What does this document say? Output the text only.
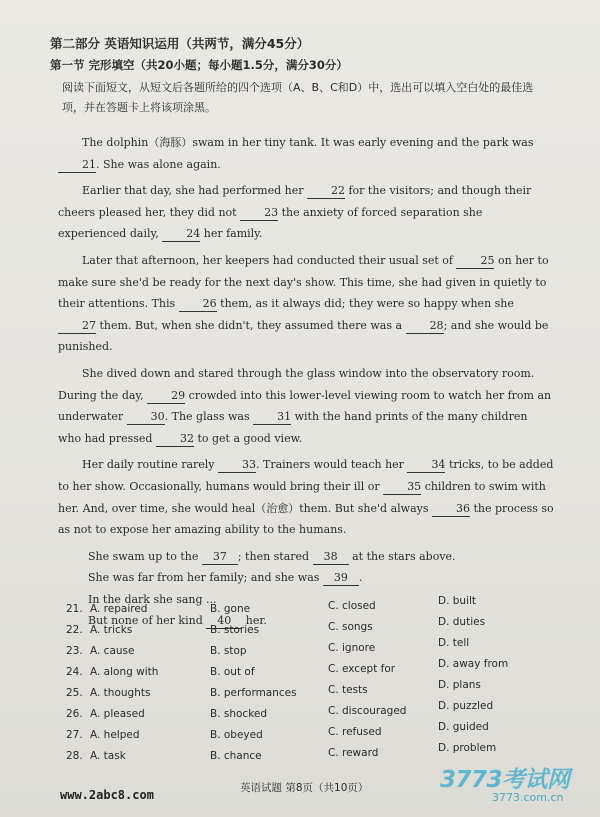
第二部分 英语知识运用（共两节，满分45分）
第一节 完形填空（共20小题；每小题1.5分，满分30分）
阅读下面短文，从短文后各题所给的四个选项（A、B、C和D）中，选出可以填入空白处的最佳选项，并在答题卡上将该项涂黑。

The dolphin（海豚）swam in her tiny tank. It was early evening and the park was 21. She was alone again.

Earlier that day, she had performed her	22 for the visitors; and though their cheers pleased her, they did not	23 the anxiety of forced separation she experienced daily,	24 her family.

Later that afternoon, her keepers had conducted their usual set of	25 on her to make sure she'd be ready for the next day's show. This time, she had given in quietly to their attentions. This	26 them, as it always did; they were so happy when she 27 them. But, when she didn't, they assumed there was a	28; and she would be punished.

She dived down and stared through the glass window into the observatory room. During the day,	29 crowded into this lower-level viewing room to watch her from an underwater	30. The glass was	31 with the hand prints of the many children who had pressed	32 to get a good view.

Her daily routine rarely	33. Trainers would teach her	34 tricks, to be added to her show. Occasionally, humans would bring their ill or	35 children to swim with her. And, over time, she would heal（治愈）them. But she'd always	36 the process so as not to expose her amazing ability to the humans.

She swam up to the 37 ; then stared 38 at the stars above.

She was far from her family; and she was 39 .

In the dark she sang ...

But none of her kind 40 her.

21. A. repaired	B. gone	C. closed	D. built
22. A. tricks	B. stories	C. songs	D. duties
23. A. cause	B. stop	C. ignore	D. tell
24. A. along with	B. out of	C. except for	D. away from
25. A. thoughts	B. performances	C. tests	D. plans
26. A. pleased	B. shocked	C. discouraged	D. puzzled
27. A. helped	B. obeyed	C. refused	D. guided
28. A. task	B. chance	C. reward	D. problem
www.2abc8.com	英语试题 第8页（共10页）	3773考试网
3773.com.cn
